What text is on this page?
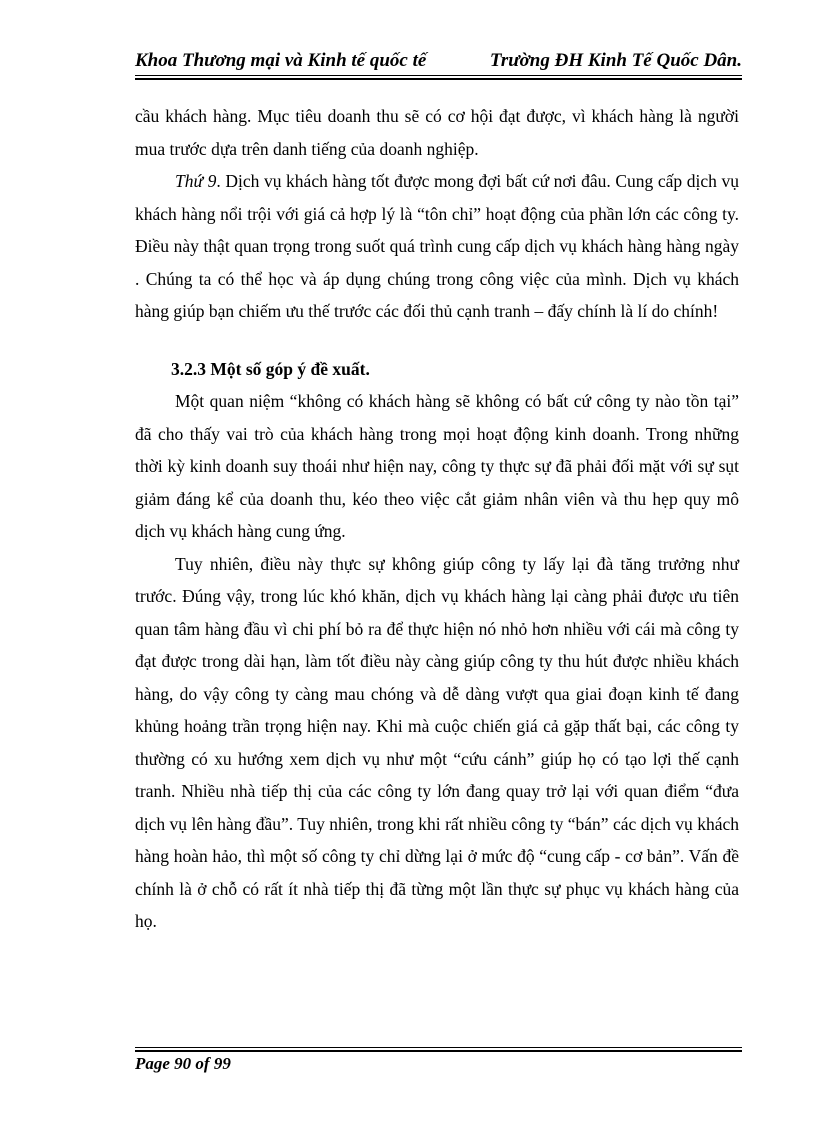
Khoa Thương mại và Kinh tế quốc tế	Trường ĐH Kinh Tế Quốc Dân.

cầu khách hàng. Mục tiêu doanh thu sẽ có cơ hội đạt được, vì khách hàng là người mua trước dựa trên danh tiếng của doanh nghiệp.

Thứ 9. Dịch vụ khách hàng tốt được mong đợi bất cứ nơi đâu. Cung cấp dịch vụ khách hàng nổi trội với giá cả hợp lý là “tôn chỉ” hoạt động của phần lớn các công ty. Điều này thật quan trọng trong suốt quá trình cung cấp dịch vụ khách hàng hàng ngày . Chúng ta có thể học và áp dụng chúng trong công việc của mình. Dịch vụ khách hàng giúp bạn chiếm ưu thế trước các đối thủ cạnh tranh – đấy chính là lí do chính!

3.2.3 Một số góp ý đề xuất.

Một quan niệm “không có khách hàng sẽ không có bất cứ công ty nào tồn tại” đã cho thấy vai trò của khách hàng trong mọi hoạt động kinh doanh. Trong những thời kỳ kinh doanh suy thoái như hiện nay, công ty thực sự đã phải đối mặt với sự sụt giảm đáng kể của doanh thu, kéo theo việc cắt giảm nhân viên và thu hẹp quy mô dịch vụ khách hàng cung ứng.

Tuy nhiên, điều này thực sự không giúp công ty lấy lại đà tăng trưởng như trước. Đúng vậy, trong lúc khó khăn, dịch vụ khách hàng lại càng phải được ưu tiên quan tâm hàng đầu vì chi phí bỏ ra để thực hiện nó nhỏ hơn nhiều với cái mà công ty đạt được trong dài hạn, làm tốt điều này càng giúp công ty thu hút được nhiều khách hàng, do vậy công ty càng mau chóng và dễ dàng vượt qua giai đoạn kinh tế đang khủng hoảng trần trọng hiện nay. Khi mà cuộc chiến giá cả gặp thất bại, các công ty thường có xu hướng xem dịch vụ như một “cứu cánh” giúp họ có tạo lợi thế cạnh tranh. Nhiều nhà tiếp thị của các công ty lớn đang quay trở lại với quan điểm “đưa dịch vụ lên hàng đầu”. Tuy nhiên, trong khi rất nhiều công ty “bán” các dịch vụ khách hàng hoàn hảo, thì một số công ty chỉ dừng lại ở mức độ “cung cấp - cơ bản”. Vấn đề chính là ở chỗ có rất ít nhà tiếp thị đã từng một lần thực sự phục vụ khách hàng của họ.

Page 90 of 99
